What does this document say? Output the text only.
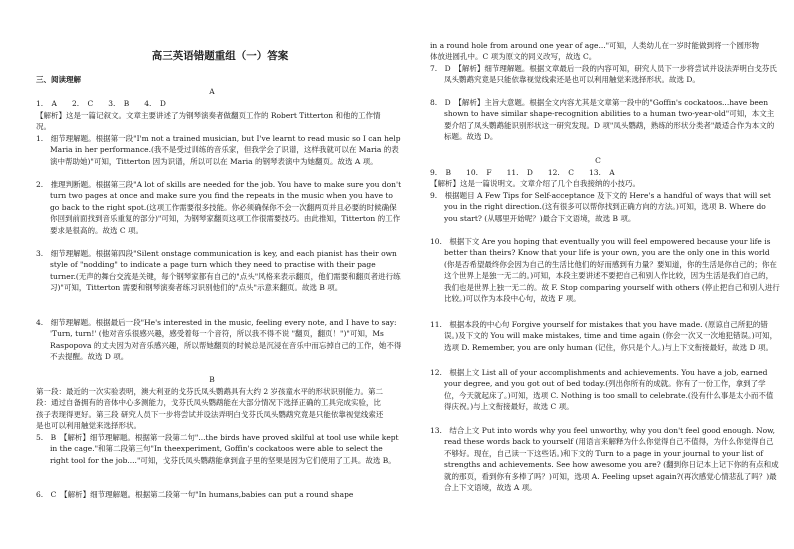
高三英语错题重组（一）答案
三、阅读理解
A
1. A　　2. C　　3. B　　4. D
【解析】这是一篇记叙文。文章主要讲述了为钢琴演奏者做翻页工作的 Robert Titterton 和他的工作情况。
1.　细节理解题。根据第一段"I'm not a trained musician, but I've learnt to read music so I can help Maria in her performance.(我不是受过训练的音乐家，但我学会了识谱，这样我就可以在 Maria 的表演中帮助她)"可知，Titterton 因为识谱，所以可以在 Maria 的钢琴表演中为她翻页。故选 A 项。
2.　推理判断题。根据第三段"A lot of skills are needed for the job. You have to make sure you don't turn two pages at once and make sure you find the repeats in the music when you have to go back to the right spot.(这项工作需要很多技能。你必须确保你不会一次翻两页并且必要的时候确保你回到前面找到音乐重复的部分)"可知，为钢琴家翻页这项工作很需要技巧。由此推知，Titterton 的工作要求是很高的。故选 C 项。
3.　细节理解题。根据第四段"Silent onstage communication is key, and each pianist has their own style of "nodding" to indicate a page turn which they need to practise with their page turner.(无声的舞台交流是关键，每个钢琴家都有自己的"点头"风格来表示翻页，他们需要和翻页者进行练习)"可知，Titterton 需要和钢琴演奏者练习识别他们的"点头"示意来翻页。故选 B 项。
4.　细节理解题。根据最后一段"He's interested in the music, feeling every note, and I have to say: 'Turn, turn!' (他对音乐很感兴趣，感受着每一个音符，所以我不得不说 "翻页，翻页！")"可知，Ms Raspopova 的丈夫因为对音乐感兴趣，所以帮她翻页的时候总是沉浸在音乐中而忘掉自己的工作，她不得不去提醒。故选 D 项。
B
第一段：最近的一次实验表明，澳大利亚的戈芬氏凤头鹦鹉具有大约 2 岁孩童水平的形状识别能力。第二段：通过自备拥有的音体中心多测能力，戈芬氏凤头鹦鹉能在大部分情况下选择正确的工具完成实验，比孩子表现得更好。第三段 研究人员下一步将尝试并设法弄明白戈芬氏凤头鹦鹉究竟是只能依靠视觉线索还是也可以利用触觉来选择形状。
5.　B　【解析】细节理解题。根据第一段第二句"...the birds have proved skilful at tool use while kept in the cage."和第二段第三句"In theexperiment, Goffin's cockatoos were able to select the right tool for the job...."可知，戈芬氏凤头鹦鹉能拿到盒子里的坚果是因为它们使用了工具。故选 B。
6.　C　【解析】细节理解题。根据第二段第一句"In humans,babies can put a round shape
in a round hole from around one year of age..."可知，人类幼儿在一岁时能做到将一个圆形物体放进圆孔中。C 项为原文的同义改写，故选 C。
7.　D　【解析】细节理解题。根据文章最后一段的内容可知，研究人员下一步将尝试并设法弄明白戈芬氏凤头鹦鹉究竟是只能依靠视觉线索还是也可以利用触觉来选择形状。故选 D。
8.　D　【解析】主旨大意题。根据全文内容尤其是文章第一段中的"Goffin's cockatoos...have been shown to have similar shape-recognition abilities to a human two-year-old"可知，本文主要介绍了凤头鹦鹉能识别形状这一研究发现。D 项"凤头鹦鹉，熟练的形状分类者"最适合作为本文的标题。故选 D。
C
9. B　　10. F　　11. D　　12. C　　13. A
【解析】这是一篇说明文。文章介绍了几个自我接纳的小技巧。
9.　根据题目 A Few Tips for Self-acceptance 及下文的 Here's a handful of ways that will set you in the right direction.(这有很多可以帮你找到正确方向的方法。)可知，选项 B. Where do you start? (从哪里开始呢？)最合下文语境，故选 B 项。
10.　根据下文 Are you hoping that eventually you will feel empowered because your life is better than theirs? Know that your life is your own, you are the only one in this world (你是否希望最终你会因为自己的生活比他们的好而感到有力量？要知道，你的生活是你自己的；你在这个世界上是独一无二的。)可知，本段主要讲述不要把自己和别人作比较，因为生活是我们自己的，我们也是世界上独一无二的。故 F. Stop comparing yourself with others (停止把自己和别人进行比较。)可以作为本段中心句，故选 F 项。
11.　根据本段的中心句 Forgive yourself for mistakes that you have made. (原谅自己所犯的错误。)及下文的 You will make mistakes, time and time again (你会一次又一次地犯错误。)可知，选项 D. Remember, you are only human (记住，你只是个人。)与上下文衔接最好，故选 D 项。
12.　根据上文 List all of your accomplishments and achievements. You have a job, earned your degree, and you got out of bed today.(列出你所有的成就。你有了一份工作，拿到了学位，今天就起床了。)可知，选项 C. Nothing is too small to celebrate.(没有什么事是太小而不值得庆祝。)与上文衔接最好，故选 C 项。
13.　结合上文 Put into words why you feel unworthy, why you don't feel good enough. Now, read these words back to yourself (用语言来解释为什么你觉得自己不值得，为什么你觉得自己不够好。现在，自己读一下这些话。)和下文的 Turn to a page in your journal to your list of strengths and achievements. See how awesome you are? (翻到你日记本上记下你的有点和成就的那页，看到你有多棒了吗？)可知，选项 A. Feeling upset again?(再次感觉心情悲乱了吗？)最合上下文语境，故选 A 项。
